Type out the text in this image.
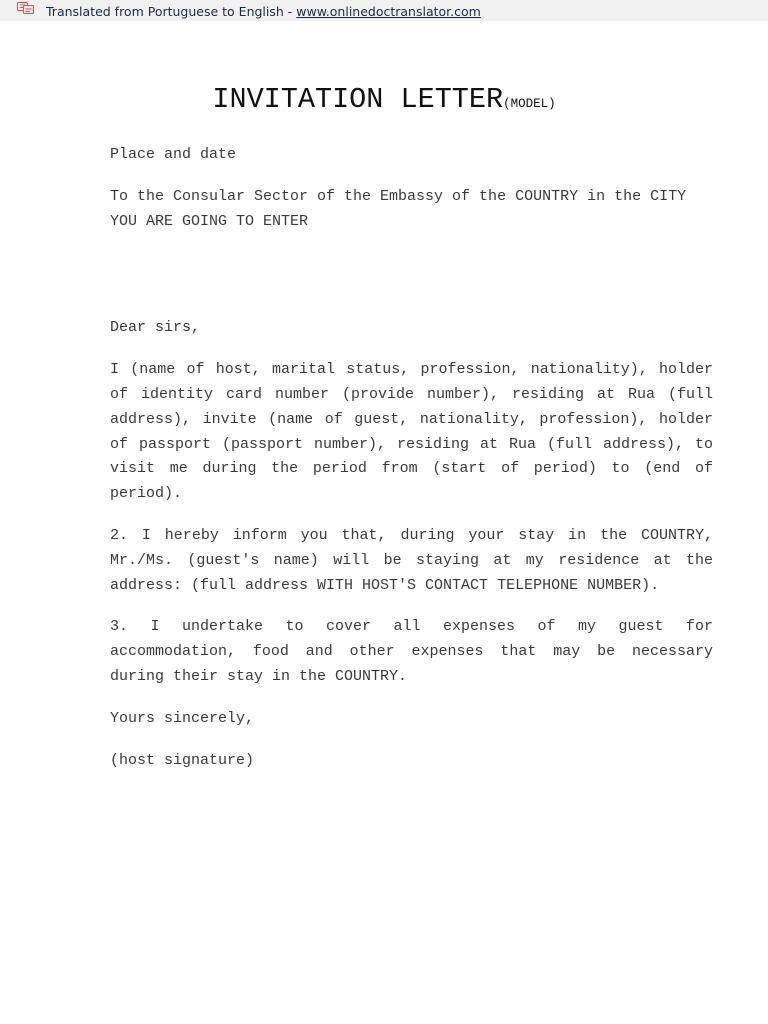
Translated from Portuguese to English - www.onlinedoctranslator.com
INVITATION LETTER(MODEL)

Place and date

To the Consular Sector of the Embassy of the COUNTRY in the CITY YOU ARE GOING TO ENTER

Dear sirs,

I (name of host, marital status, profession, nationality), holder of identity card number (provide number), residing at Rua (full address), invite (name of guest, nationality, profession), holder of passport (passport number), residing at Rua (full address), to visit me during the period from (start of period) to (end of period).

2. I hereby inform you that, during your stay in the COUNTRY, Mr./Ms. (guest's name) will be staying at my residence at the address: (full address WITH HOST'S CONTACT TELEPHONE NUMBER).

3. I undertake to cover all expenses of my guest for accommodation, food and other expenses that may be necessary during their stay in the COUNTRY.

Yours sincerely,

(host signature)
